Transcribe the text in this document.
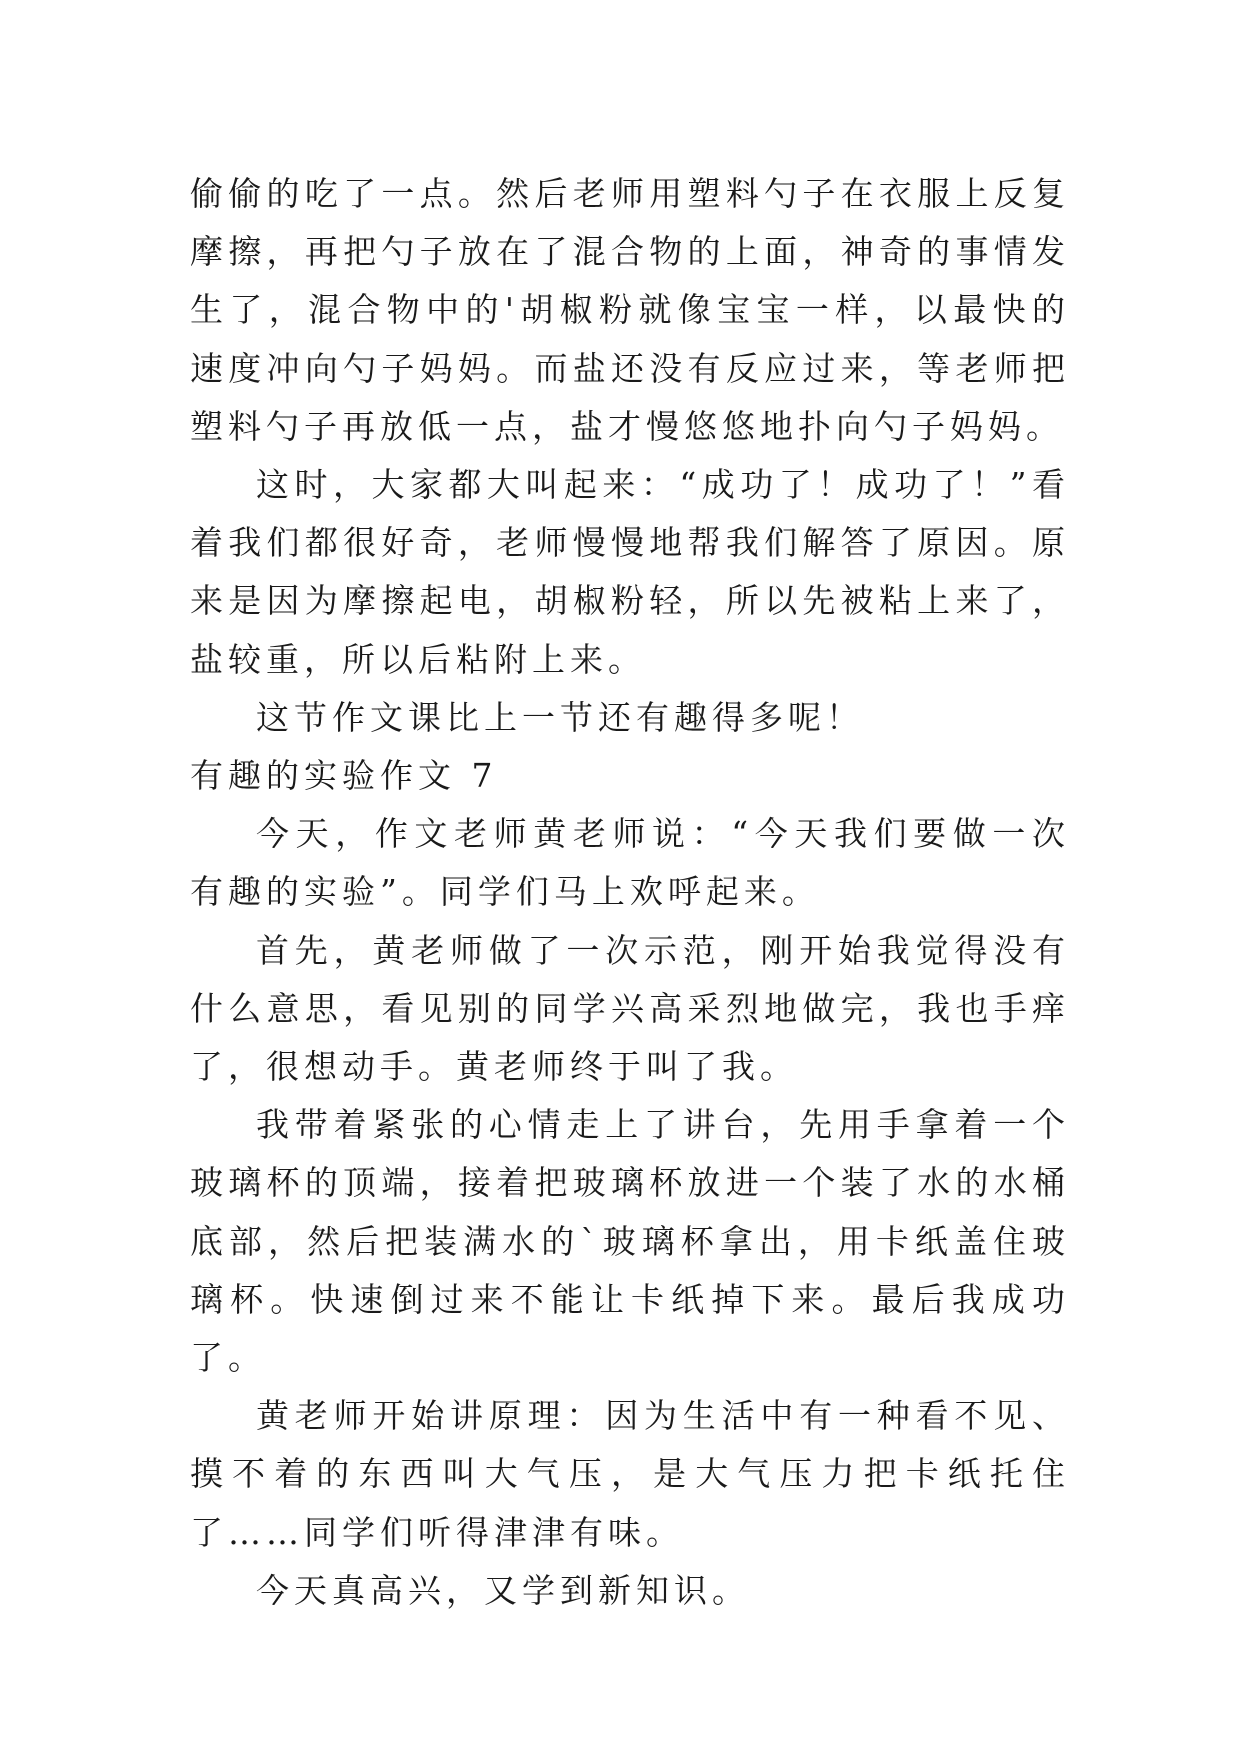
偷偷的吃了一点。然后老师用塑料勺子在衣服上反复摩擦，再把勺子放在了混合物的上面，神奇的事情发生了，混合物中的'胡椒粉就像宝宝一样，以最快的速度冲向勺子妈妈。而盐还没有反应过来，等老师把塑料勺子再放低一点，盐才慢悠悠地扑向勺子妈妈。

这时，大家都大叫起来：“成功了！成功了！”看着我们都很好奇，老师慢慢地帮我们解答了原因。原来是因为摩擦起电，胡椒粉轻，所以先被粘上来了，盐较重，所以后粘附上来。

这节作文课比上一节还有趣得多呢！

有趣的实验作文 7

今天，作文老师黄老师说：“今天我们要做一次有趣的实验”。同学们马上欢呼起来。

首先，黄老师做了一次示范，刚开始我觉得没有什么意思，看见别的同学兴高采烈地做完，我也手痒了，很想动手。黄老师终于叫了我。

我带着紧张的心情走上了讲台，先用手拿着一个玻璃杯的顶端，接着把玻璃杯放进一个装了水的水桶底部，然后把装满水的`玻璃杯拿出，用卡纸盖住玻璃杯。快速倒过来不能让卡纸掉下来。最后我成功了。

黄老师开始讲原理：因为生活中有一种看不见、摸不着的东西叫大气压，是大气压力把卡纸托住了……同学们听得津津有味。

今天真高兴，又学到新知识。
